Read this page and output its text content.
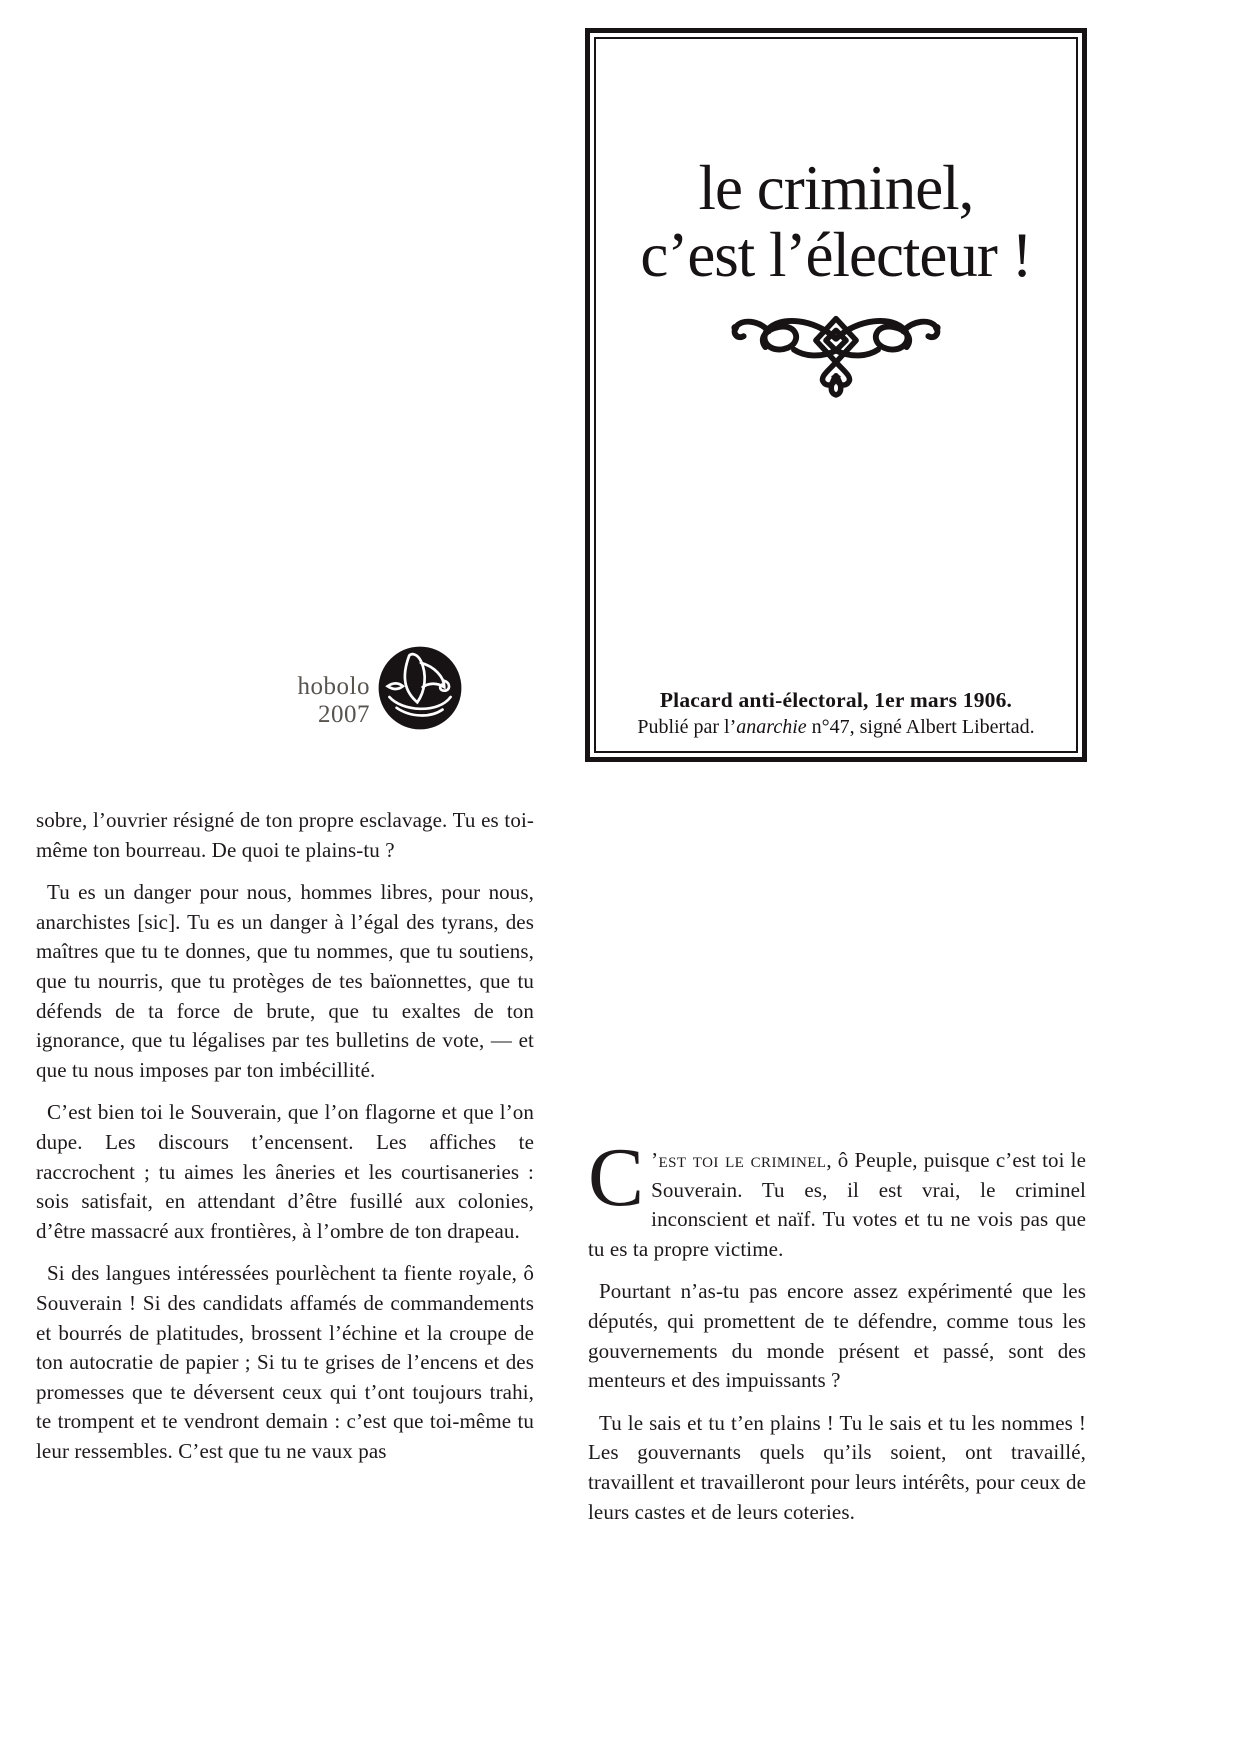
le criminel,
c’est l’électeur !
Placard anti-électoral, 1er mars 1906.
Publié par l’anarchie n°47, signé Albert Libertad.
hobolo
2007

sobre, l’ouvrier résigné de ton propre esclavage. Tu es toi-même ton bourreau. De quoi te plains-tu ?

Tu es un danger pour nous, hommes libres, pour nous, anarchistes [sic]. Tu es un danger à l’égal des tyrans, des maîtres que tu te donnes, que tu nommes, que tu soutiens, que tu nourris, que tu protèges de tes baïonnettes, que tu défends de ta force de brute, que tu exaltes de ton ignorance, que tu légalises par tes bulletins de vote, — et que tu nous imposes par ton imbécillité.

C’est bien toi le Souverain, que l’on flagorne et que l’on dupe. Les discours t’encensent. Les affiches te raccrochent ; tu aimes les âneries et les courtisaneries : sois satisfait, en attendant d’être fusillé aux colonies, d’être massacré aux frontières, à l’ombre de ton drapeau.

Si des langues intéressées pourlèchent ta fiente royale, ô Souverain ! Si des candidats affamés de commandements et bourrés de platitudes, brossent l’échine et la croupe de ton autocratie de papier ; Si tu te grises de l’encens et des promesses que te déversent ceux qui t’ont toujours trahi, te trompent et te vendront demain : c’est que toi-même tu leur ressembles. C’est que tu ne vaux pas

C ’est toi le criminel, ô Peuple, puisque c’est toi le Souverain. Tu es, il est vrai, le criminel inconscient et naïf. Tu votes et tu ne vois pas que tu es ta propre victime.

Pourtant n’as-tu pas encore assez expérimenté que les députés, qui promettent de te défendre, comme tous les gouvernements du monde présent et passé, sont des menteurs et des impuissants ?

Tu le sais et tu t’en plains ! Tu le sais et tu les nommes ! Les gouvernants quels qu’ils soient, ont travaillé, travaillent et travailleront pour leurs intérêts, pour ceux de leurs castes et de leurs coteries.
